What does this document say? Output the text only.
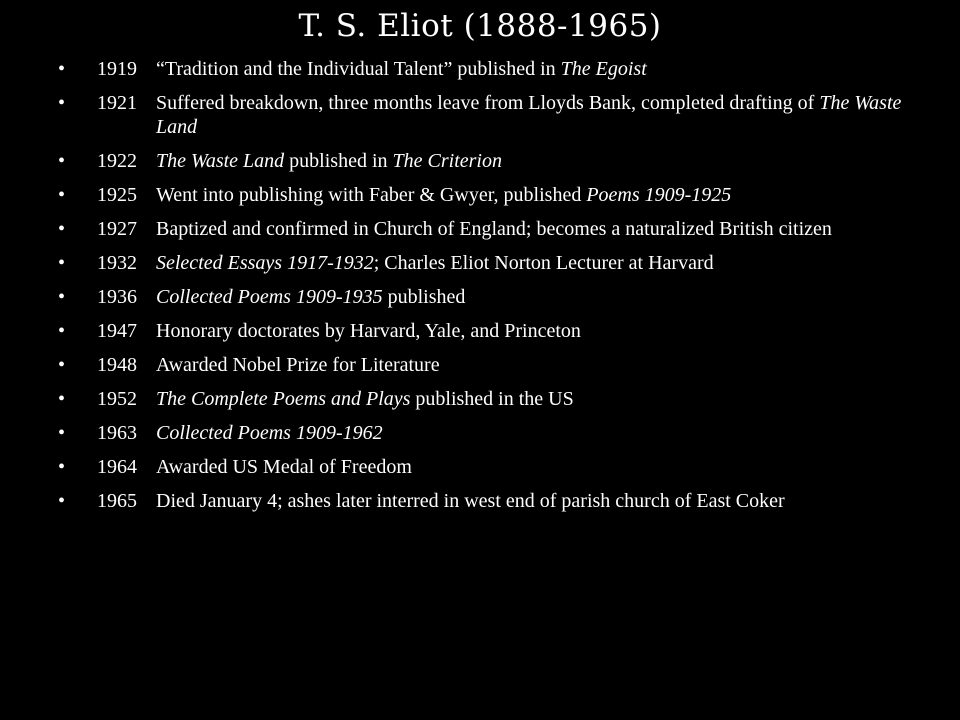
T. S. Eliot (1888-1965)
•	1919 “Tradition and the Individual Talent” published in The Egoist
•	1921 Suffered breakdown, three months leave from Lloyds Bank, completed drafting of The Waste Land
•	1922 The Waste Land published in The Criterion
•	1925 Went into publishing with Faber & Gwyer, published Poems 1909-1925
•	1927 Baptized and confirmed in Church of England; becomes a naturalized British citizen
•	1932 Selected Essays 1917-1932; Charles Eliot Norton Lecturer at Harvard
•	1936 Collected Poems 1909-1935 published
•	1947 Honorary doctorates by Harvard, Yale, and Princeton
•	1948 Awarded Nobel Prize for Literature
•	1952 The Complete Poems and Plays published in the US
•	1963 Collected Poems 1909-1962
•	1964 Awarded US Medal of Freedom
•	1965 Died January 4; ashes later interred in west end of parish church of East Coker
